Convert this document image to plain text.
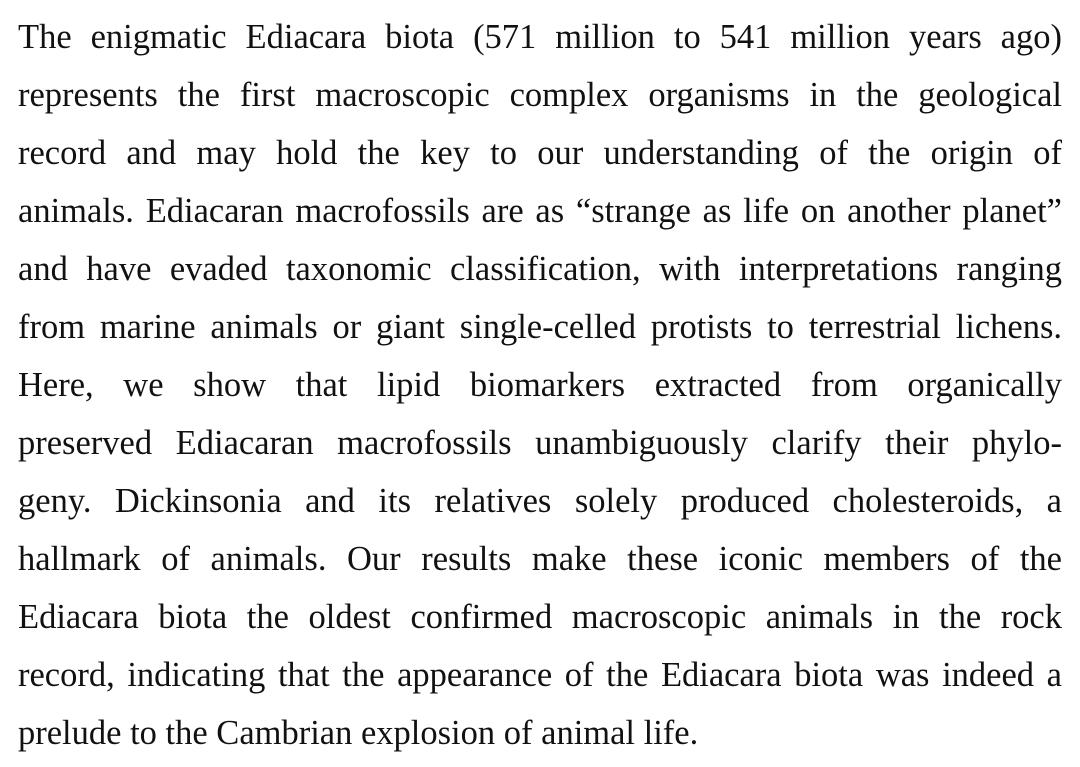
The enigmatic Ediacara biota (571 million to 541 million years ago)
represents the first macroscopic complex organisms in the geological
record and may hold the key to our understanding of the origin of
animals. Ediacaran macrofossils are as “strange as life on another planet”
and have evaded taxonomic classification, with interpretations ranging
from marine animals or giant single-celled protists to terrestrial lichens.
Here, we show that lipid biomarkers extracted from organically
preserved Ediacaran macrofossils unambiguously clarify their phylo-
geny. Dickinsonia and its relatives solely produced cholesteroids, a
hallmark of animals. Our results make these iconic members of the
Ediacara biota the oldest confirmed macroscopic animals in the rock
record, indicating that the appearance of the Ediacara biota was indeed a
prelude to the Cambrian explosion of animal life.
